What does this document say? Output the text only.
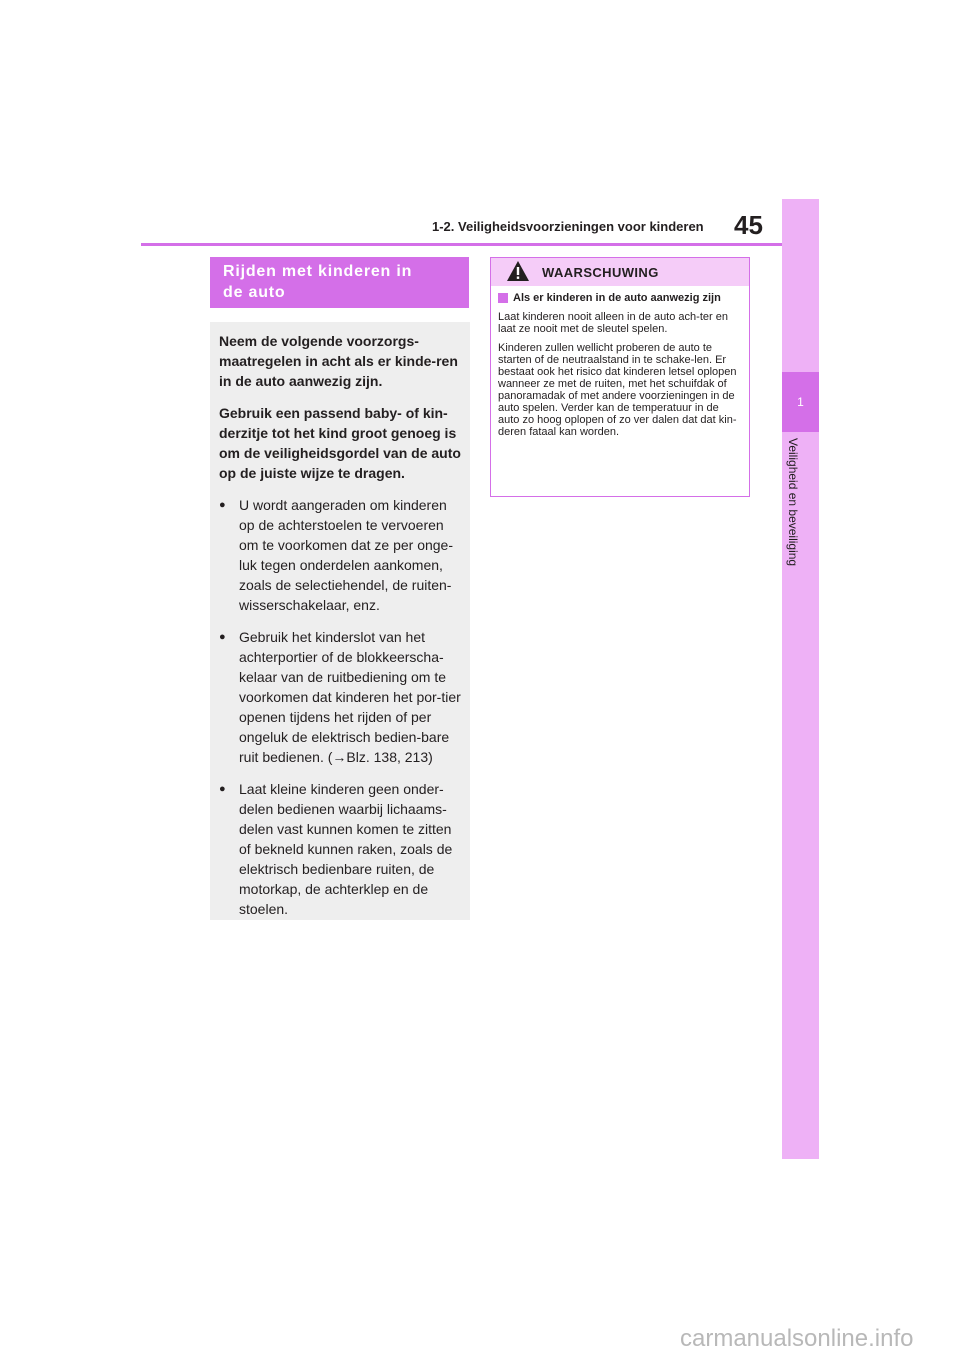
1-2. Veiligheidsvoorzieningen voor kinderen 45
1
Veiligheid en beveiliging
Rijden met kinderen in
de auto

Neem de volgende voorzorgs-maatregelen in acht als er kinde-ren in de auto aanwezig zijn.

Gebruik een passend baby- of kin-derzitje tot het kind groot genoeg is om de veiligheidsgordel van de auto op de juiste wijze te dragen.

● U wordt aangeraden om kinderen op de achterstoelen te vervoeren om te voorkomen dat ze per onge-luk tegen onderdelen aankomen, zoals de selectiehendel, de ruiten-wisserschakelaar, enz.
● Gebruik het kinderslot van het achterportier of de blokkeerscha-kelaar van de ruitbediening om te voorkomen dat kinderen het por-tier openen tijdens het rijden of per ongeluk de elektrisch bedien-bare ruit bedienen. (→Blz. 138, 213)
● Laat kleine kinderen geen onder-delen bedienen waarbij lichaams-delen vast kunnen komen te zitten of bekneld kunnen raken, zoals de elektrisch bedienbare ruiten, de motorkap, de achterklep en de stoelen.
WAARSCHUWING
Als er kinderen in de auto aanwezig zijn

Laat kinderen nooit alleen in de auto ach-ter en laat ze nooit met de sleutel spelen.

Kinderen zullen wellicht proberen de auto te starten of de neutraalstand in te schake-len. Er bestaat ook het risico dat kinderen letsel oplopen wanneer ze met de ruiten, met het schuifdak of panoramadak of met andere voorzieningen in de auto spelen. Verder kan de temperatuur in de auto zo hoog oplopen of zo ver dalen dat dat kin-deren fataal kan worden.

carmanualsonline.info
